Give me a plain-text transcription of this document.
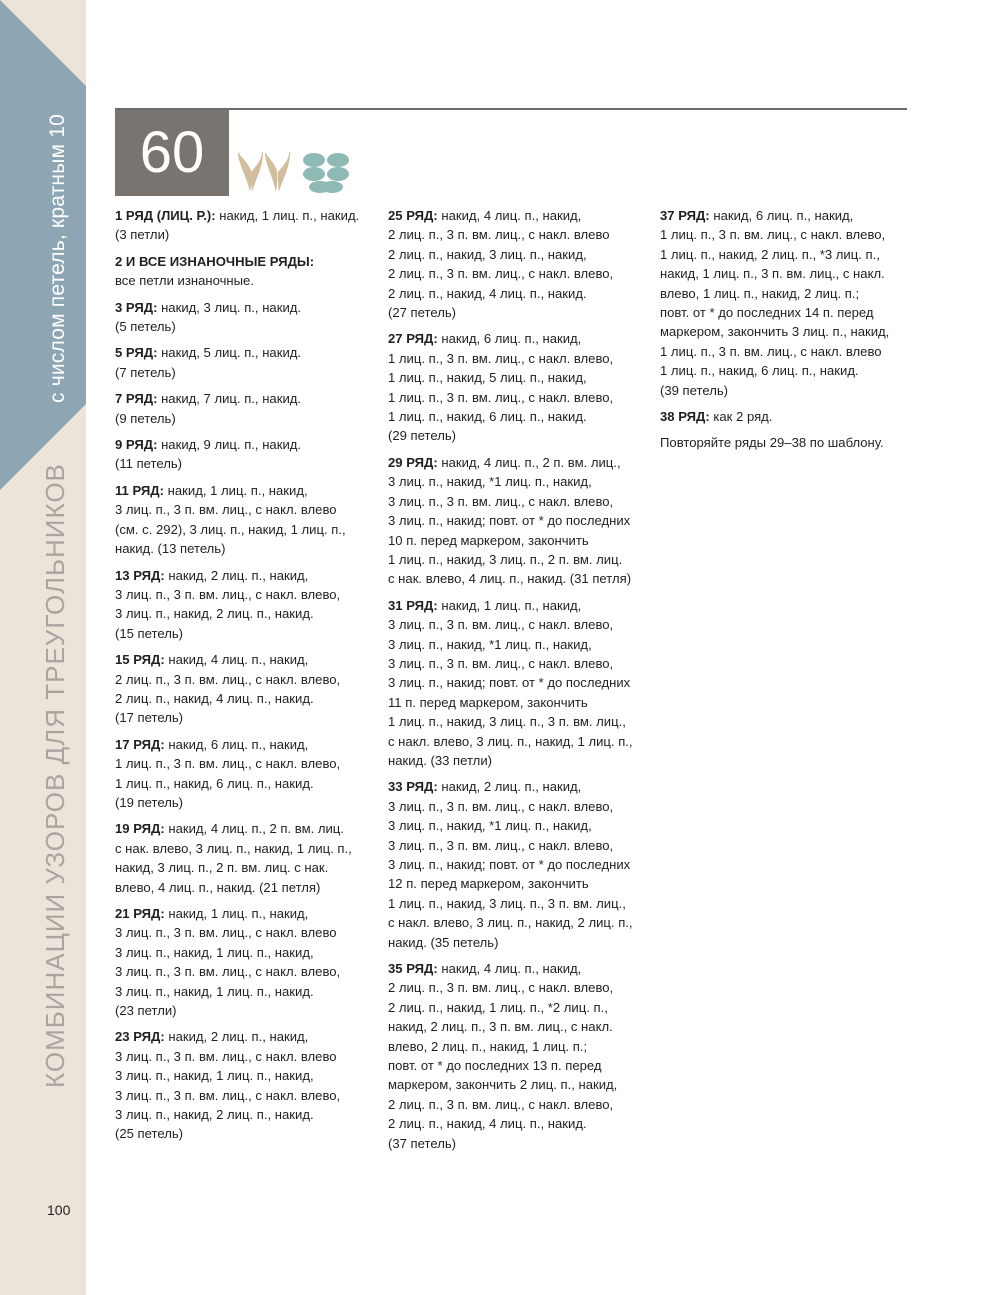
с числом петель, кратным 10
КОМБИНАЦИИ УЗОРОВ ДЛЯ ТРЕУГОЛЬНИКОВ
100
60
1 РЯД (ЛИЦ. Р.): накид, 1 лиц. п., накид.
(3 петли)
2 И ВСЕ ИЗНАНОЧНЫЕ РЯДЫ:
все петли изнаночные.
3 РЯД: накид, 3 лиц. п., накид.
(5 петель)
5 РЯД: накид, 5 лиц. п., накид.
(7 петель)
7 РЯД: накид, 7 лиц. п., накид.
(9 петель)
9 РЯД: накид, 9 лиц. п., накид.
(11 петель)
11 РЯД: накид, 1 лиц. п., накид,
3 лиц. п., 3 п. вм. лиц., с накл. влево
(см. с. 292), 3 лиц. п., накид, 1 лиц. п.,
накид. (13 петель)
13 РЯД: накид, 2 лиц. п., накид,
3 лиц. п., 3 п. вм. лиц., с накл. влево,
3 лиц. п., накид, 2 лиц. п., накид.
(15 петель)
15 РЯД: накид, 4 лиц. п., накид,
2 лиц. п., 3 п. вм. лиц., с накл. влево,
2 лиц. п., накид, 4 лиц. п., накид.
(17 петель)
17 РЯД: накид, 6 лиц. п., накид,
1 лиц. п., 3 п. вм. лиц., с накл. влево,
1 лиц. п., накид, 6 лиц. п., накид.
(19 петель)
19 РЯД: накид, 4 лиц. п., 2 п. вм. лиц.
с нак. влево, 3 лиц. п., накид, 1 лиц. п.,
накид, 3 лиц. п., 2 п. вм. лиц. с нак.
влево, 4 лиц. п., накид. (21 петля)
21 РЯД: накид, 1 лиц. п., накид,
3 лиц. п., 3 п. вм. лиц., с накл. влево
3 лиц. п., накид, 1 лиц. п., накид,
3 лиц. п., 3 п. вм. лиц., с накл. влево,
3 лиц. п., накид, 1 лиц. п., накид.
(23 петли)
23 РЯД: накид, 2 лиц. п., накид,
3 лиц. п., 3 п. вм. лиц., с накл. влево
3 лиц. п., накид, 1 лиц. п., накид,
3 лиц. п., 3 п. вм. лиц., с накл. влево,
3 лиц. п., накид, 2 лиц. п., накид.
(25 петель)
25 РЯД: накид, 4 лиц. п., накид,
2 лиц. п., 3 п. вм. лиц., с накл. влево
2 лиц. п., накид, 3 лиц. п., накид,
2 лиц. п., 3 п. вм. лиц., с накл. влево,
2 лиц. п., накид, 4 лиц. п., накид.
(27 петель)
27 РЯД: накид, 6 лиц. п., накид,
1 лиц. п., 3 п. вм. лиц., с накл. влево,
1 лиц. п., накид, 5 лиц. п., накид,
1 лиц. п., 3 п. вм. лиц., с накл. влево,
1 лиц. п., накид, 6 лиц. п., накид.
(29 петель)
29 РЯД: накид, 4 лиц. п., 2 п. вм. лиц.,
3 лиц. п., накид, *1 лиц. п., накид,
3 лиц. п., 3 п. вм. лиц., с накл. влево,
3 лиц. п., накид; повт. от * до последних
10 п. перед маркером, закончить
1 лиц. п., накид, 3 лиц. п., 2 п. вм. лиц.
с нак. влево, 4 лиц. п., накид. (31 петля)
31 РЯД: накид, 1 лиц. п., накид,
3 лиц. п., 3 п. вм. лиц., с накл. влево,
3 лиц. п., накид, *1 лиц. п., накид,
3 лиц. п., 3 п. вм. лиц., с накл. влево,
3 лиц. п., накид; повт. от * до последних
11 п. перед маркером, закончить
1 лиц. п., накид, 3 лиц. п., 3 п. вм. лиц.,
с накл. влево, 3 лиц. п., накид, 1 лиц. п.,
накид. (33 петли)
33 РЯД: накид, 2 лиц. п., накид,
3 лиц. п., 3 п. вм. лиц., с накл. влево,
3 лиц. п., накид, *1 лиц. п., накид,
3 лиц. п., 3 п. вм. лиц., с накл. влево,
3 лиц. п., накид; повт. от * до последних
12 п. перед маркером, закончить
1 лиц. п., накид, 3 лиц. п., 3 п. вм. лиц.,
с накл. влево, 3 лиц. п., накид, 2 лиц. п.,
накид. (35 петель)
35 РЯД: накид, 4 лиц. п., накид,
2 лиц. п., 3 п. вм. лиц., с накл. влево,
2 лиц. п., накид, 1 лиц. п., *2 лиц. п.,
накид, 2 лиц. п., 3 п. вм. лиц., с накл.
влево, 2 лиц. п., накид, 1 лиц. п.;
повт. от * до последних 13 п. перед
маркером, закончить 2 лиц. п., накид,
2 лиц. п., 3 п. вм. лиц., с накл. влево,
2 лиц. п., накид, 4 лиц. п., накид.
(37 петель)
37 РЯД: накид, 6 лиц. п., накид,
1 лиц. п., 3 п. вм. лиц., с накл. влево,
1 лиц. п., накид, 2 лиц. п., *3 лиц. п.,
накид, 1 лиц. п., 3 п. вм. лиц., с накл.
влево, 1 лиц. п., накид, 2 лиц. п.;
повт. от * до последних 14 п. перед
маркером, закончить 3 лиц. п., накид,
1 лиц. п., 3 п. вм. лиц., с накл. влево
1 лиц. п., накид, 6 лиц. п., накид.
(39 петель)
38 РЯД: как 2 ряд.
Повторяйте ряды 29–38 по шаблону.
